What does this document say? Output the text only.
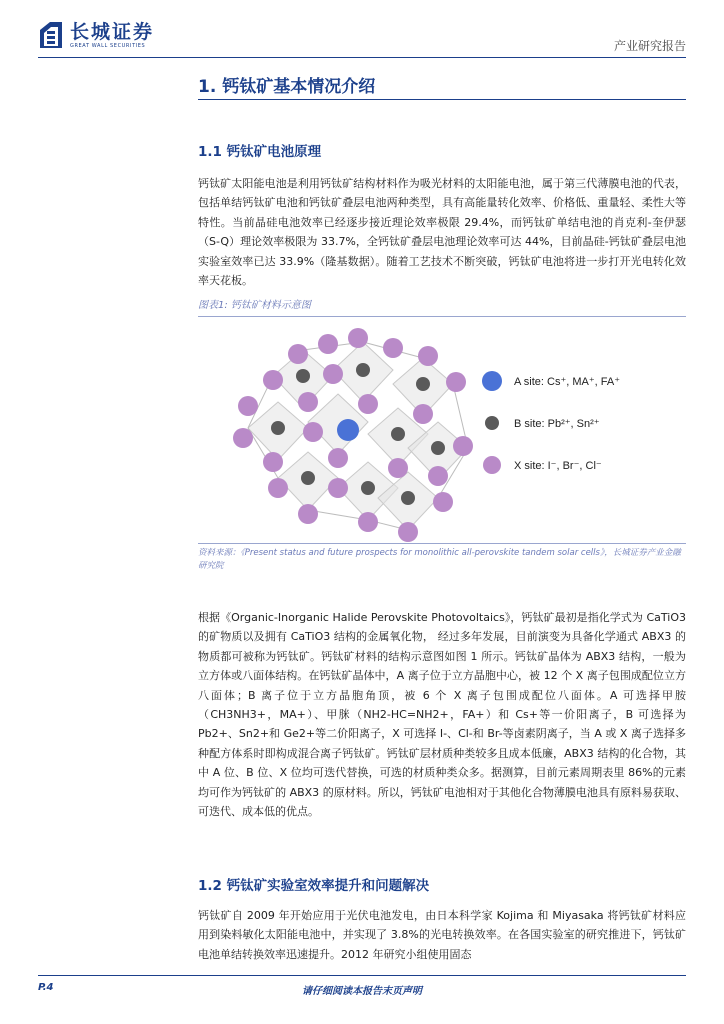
长城证券
GREAT WALL SECURITIES	产业研究报告
1. 钙钛矿基本情况介绍
1.1 钙钛矿电池原理

钙钛矿太阳能电池是利用钙钛矿结构材料作为吸光材料的太阳能电池，属于第三代薄膜电池的代表，包括单结钙钛矿电池和钙钛矿叠层电池两种类型，具有高能量转化效率、价格低、重量轻、柔性大等特性。当前晶硅电池效率已经逐步接近理论效率极限 29.4%，而钙钛矿单结电池的肖克利-奎伊瑟（S-Q）理论效率极限为 33.7%，全钙钛矿叠层电池理论效率可达 44%，目前晶硅-钙钛矿叠层电池实验室效率已达 33.9%（隆基数据）。随着工艺技术不断突破，钙钛矿电池将进一步打开光电转化效率天花板。

图表1: 钙钛矿材料示意图
A site: Cs⁺, MA⁺, FA⁺
B site: Pb²⁺, Sn²⁺
X site: I⁻, Br⁻, Cl⁻
资料来源：《Present status and future prospects for monolithic all-perovskite tandem solar cells》，长城证券产业金融研究院

根据《Organic-Inorganic Halide Perovskite Photovoltaics》，钙钛矿最初是指化学式为 CaTiO3 的矿物质以及拥有 CaTiO3 结构的金属氧化物， 经过多年发展，目前演变为具备化学通式 ABX3 的物质都可被称为钙钛矿。钙钛矿材料的结构示意图如图 1 所示。钙钛矿晶体为 ABX3 结构，一般为立方体或八面体结构。在钙钛矿晶体中，A 离子位于立方晶胞中心，被 12 个 X 离子包围成配位立方八面体；B 离子位于立方晶胞角顶，被 6 个 X 离子包围成配位八面体。A 可选择甲胺（CH3NH3+，MA+）、甲脒（NH2-HC=NH2+，FA+）和 Cs+等一价阳离子，B 可选择为 Pb2+、Sn2+和 Ge2+等二价阳离子，X 可选择 I-、Cl-和 Br-等卤素阴离子，当 A 或 X 离子选择多种配方体系时即构成混合离子钙钛矿。钙钛矿层材质种类较多且成本低廉，ABX3 结构的化合物，其中 A 位、B 位、X 位均可迭代替换，可选的材质种类众多。据测算，目前元素周期表里 86%的元素均可作为钙钛矿的 ABX3 的原材料。所以，钙钛矿电池相对于其他化合物薄膜电池具有原料易获取、可迭代、成本低的优点。

1.2 钙钛矿实验室效率提升和问题解决

钙钛矿自 2009 年开始应用于光伏电池发电，由日本科学家 Kojima 和 Miyasaka 将钙钛矿材料应用到染料敏化太阳能电池中，并实现了 3.8%的光电转换效率。在各国实验室的研究推进下，钙钛矿电池单结转换效率迅速提升。2012 年研究小组使用固态

P.4	请仔细阅读本报告末页声明
